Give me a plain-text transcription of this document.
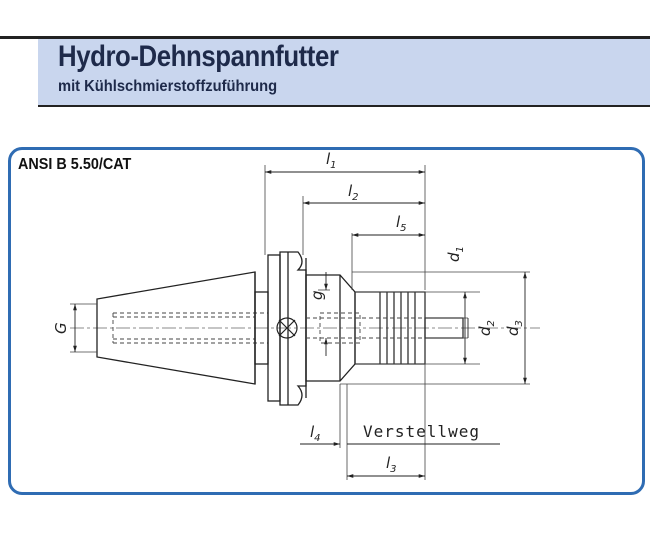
Hydro-Dehnspannfutter
mit Kühlschmierstoffzuführung
ANSI B 5.50/CAT	$l_1$
$l_2$
$l_5$
$l_4$
$l_3$
$d_1$
$d_2$
$d_3$
g
G
Verstellweg
